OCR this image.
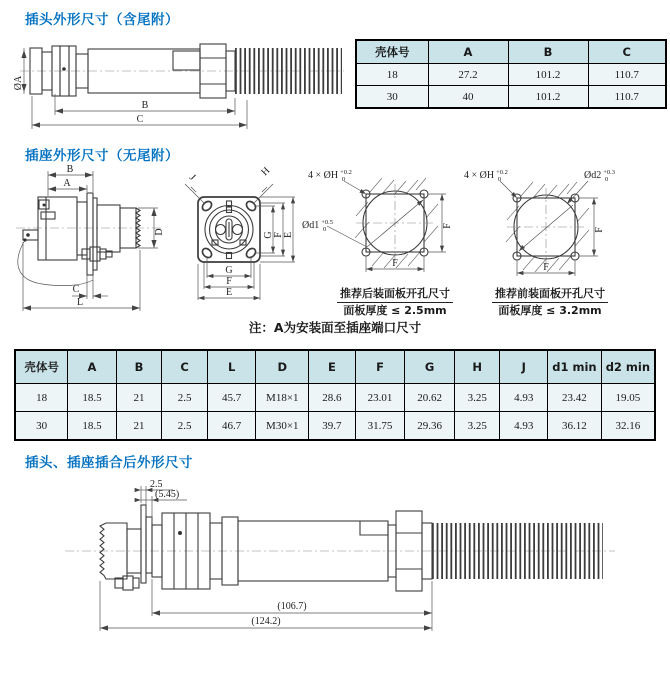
插头外形尺寸（含尾附）
ØA
B
C
壳体号	A	B	C
18	27.2	101.2	110.7
30	40	101.2	110.7
插座外形尺寸（无尾附）
B
A
D
C
L
J	H
G F E
G
F
E
4 × ØH $^{+0.2}$ 0
Ød1 $^{+0.5}$ 0	F
F
推荐后装面板开孔尺寸
面板厚度 ≤ 2.5mm
4 × ØH $^{+0.2}$ 0	Ød2 $^{+0.3}$ 0
F
F
推荐前装面板开孔尺寸
面板厚度 ≤ 3.2mm
注：A为安装面至插座端口尺寸
壳体号	A	B	C	L	D	E	F	G	H	J	d1 min	d2 min
18	18.5	21	2.5	45.7	M18×1	28.6	23.01	20.62	3.25	4.93	23.42	19.05
30	18.5	21	2.5	46.7	M30×1	39.7	31.75	29.36	3.25	4.93	36.12	32.16
插头、插座插合后外形尺寸
2.5
(5.45)
(106.7)
(124.2)
